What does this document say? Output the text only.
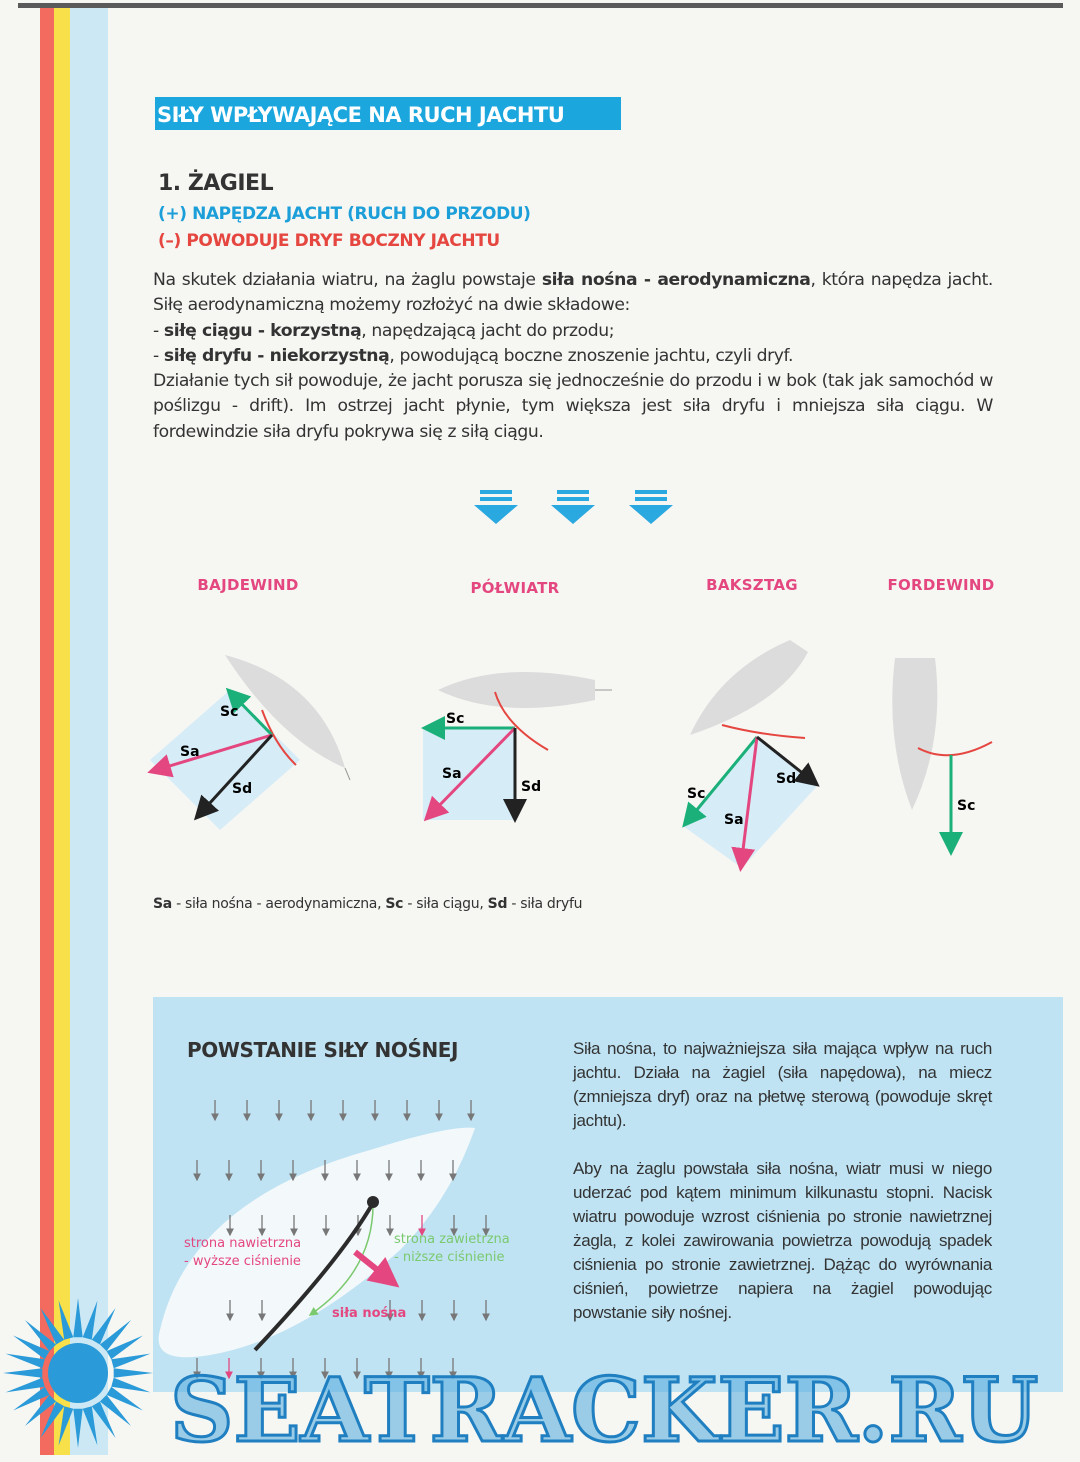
SIŁY WPŁYWAJĄCE NA RUCH JACHTU
1. ŻAGIEL
(+) NAPĘDZA JACHT (RUCH DO PRZODU)
(–) POWODUJE DRYF BOCZNY JACHTU

Na skutek działania wiatru, na żaglu powstaje siła nośna - aerodynamiczna, która napędza jacht. Siłę aerodynamiczną możemy rozłożyć na dwie składowe:

- siłę ciągu - korzystną, napędzającą jacht do przodu;

- siłę dryfu - niekorzystną, powodującą boczne znoszenie jachtu, czyli dryf.

Działanie tych sił powoduje, że jacht porusza się jednocześnie do przodu i w bok (tak jak samochód w poślizgu - drift). Im ostrzej jacht płynie, tym większa jest siła dryfu i mniejsza siła ciągu. W fordewindzie siła dryfu pokrywa się z siłą ciągu.

BAJDEWIND	PÓŁWIATR	BAKSZTAG	FORDEWIND
Sc
Sa
Sd
Sc
Sa
Sd	Sc
Sa
Sd
Sc
Sa - siła nośna - aerodynamiczna, Sc - siła ciągu, Sd - siła dryfu
POWSTANIE SIŁY NOŚNEJ
strona nawietrzna
- wyższe ciśnienie
strona zawietrzna
- niższe ciśnienie
siła nośna

Siła nośna, to najważniejsza siła mająca wpływ na ruch jachtu. Działa na żagiel (siła napędowa), na miecz (zmniejsza dryf) oraz na płetwę sterową (powoduje skręt jachtu).

Aby na żaglu powstała siła nośna, wiatr musi w niego uderzać pod kątem minimum kilkunastu stopni. Nacisk wiatru powoduje wzrost ciśnienia po stronie nawietrznej żagla, z kolei zawirowania powietrza powodują spadek ciśnienia po stronie zawietrznej. Dążąc do wyrównania ciśnień, powietrze napiera na żagiel powodując powstanie siły nośnej.

SEATRACKER.RU
